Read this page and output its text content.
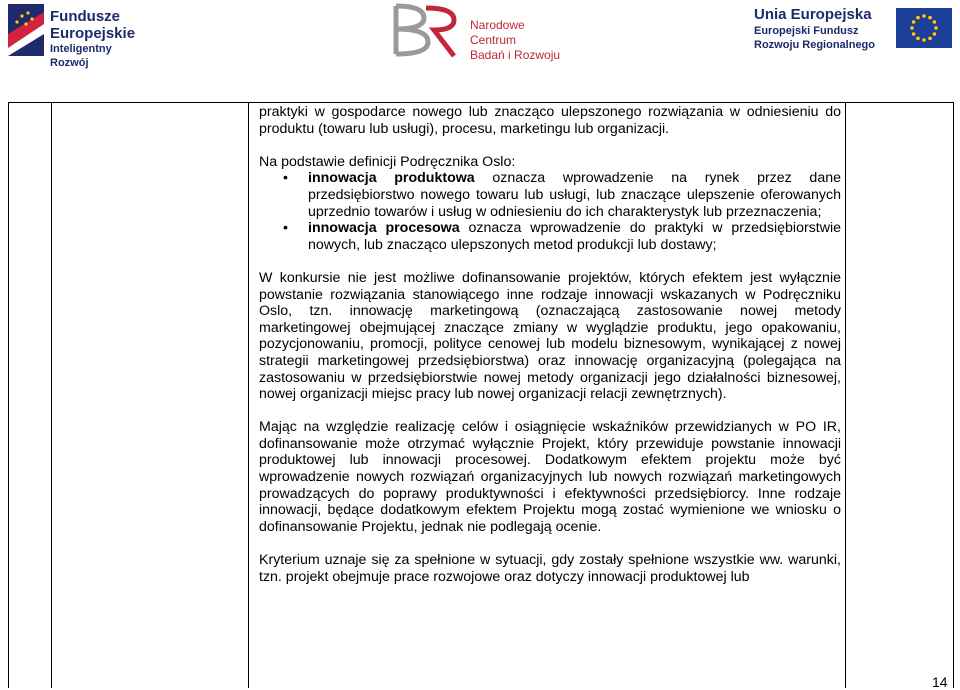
Fundusze
Europejskie
Inteligentny Rozwój
Narodowe Centrum
Badań i Rozwoju
Unia Europejska
Europejski Fundusz
Rozwoju Regionalnego

praktyki w gospodarce nowego lub znacząco ulepszonego rozwiązania w odniesieniu do produktu (towaru lub usługi), procesu, marketingu lub organizacji.

Na podstawie definicji Podręcznika Oslo:

• innowacja produktowa oznacza wprowadzenie na rynek przez dane przedsiębiorstwo nowego towaru lub usługi, lub znaczące ulepszenie oferowanych uprzednio towarów i usług w odniesieniu do ich charakterystyk lub przeznaczenia;
• innowacja procesowa oznacza wprowadzenie do praktyki w przedsiębiorstwie nowych, lub znacząco ulepszonych metod produkcji lub dostawy;

W konkursie nie jest możliwe dofinansowanie projektów, których efektem jest wyłącznie powstanie rozwiązania stanowiącego inne rodzaje innowacji wskazanych w Podręczniku Oslo, tzn. innowację marketingową (oznaczającą zastosowanie nowej metody marketingowej obejmującej znaczące zmiany w wyglądzie produktu, jego opakowaniu, pozycjonowaniu, promocji, polityce cenowej lub modelu biznesowym, wynikającej z nowej strategii marketingowej przedsiębiorstwa) oraz innowację organizacyjną (polegająca na zastosowaniu w przedsiębiorstwie nowej metody organizacji jego działalności biznesowej, nowej organizacji miejsc pracy lub nowej organizacji relacji zewnętrznych).

Mając na względzie realizację celów i osiągnięcie wskaźników przewidzianych w PO IR, dofinansowanie może otrzymać wyłącznie Projekt, który przewiduje powstanie innowacji produktowej lub innowacji procesowej. Dodatkowym efektem projektu może być wprowadzenie nowych rozwiązań organizacyjnych lub nowych rozwiązań marketingowych prowadzących do poprawy produktywności i efektywności przedsiębiorcy. Inne rodzaje innowacji, będące dodatkowym efektem Projektu mogą zostać wymienione we wniosku o dofinansowanie Projektu, jednak nie podlegają ocenie.

Kryterium uznaje się za spełnione w sytuacji, gdy zostały spełnione wszystkie ww. warunki, tzn. projekt obejmuje prace rozwojowe oraz dotyczy innowacji produktowej lub

14
